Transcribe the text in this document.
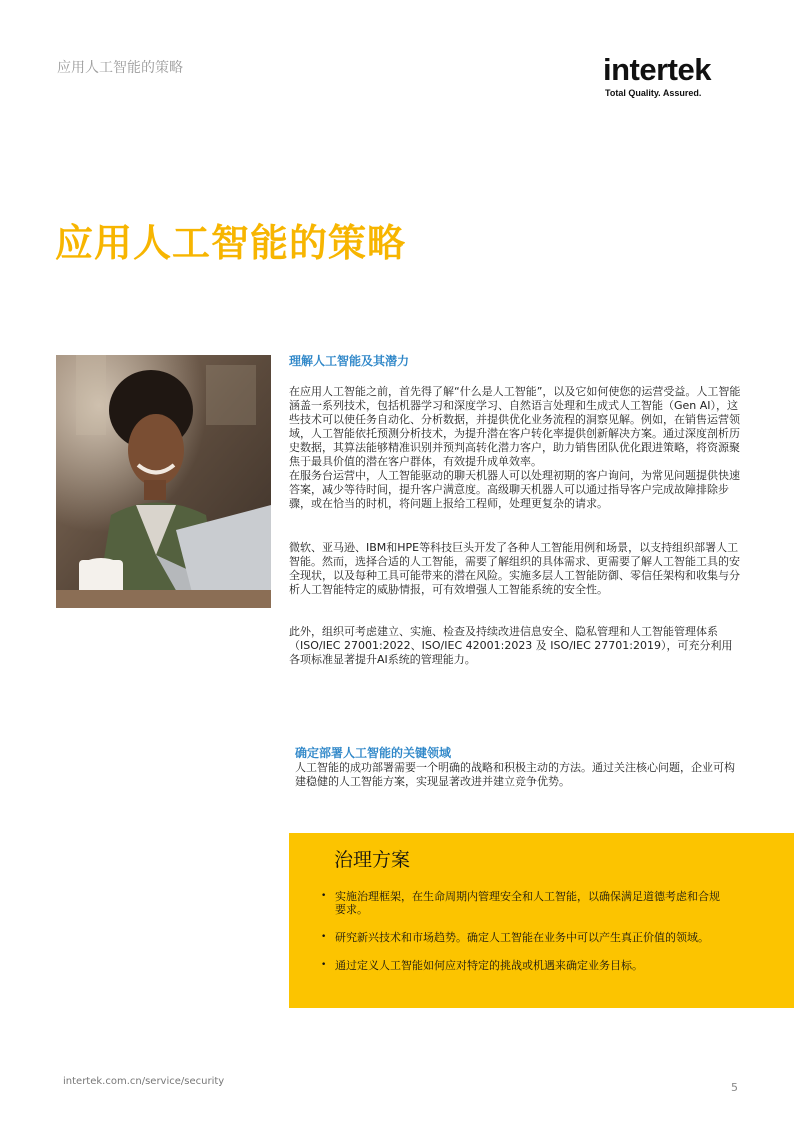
应用人工智能的策略	intertek
Total Quality. Assured.
应用人工智能的策略
理解人工智能及其潜力

在应用人工智能之前，首先得了解“什么是人工智能”，以及它如何使您的运营受益。人工智能涵盖一系列技术，包括机器学习和深度学习、自然语言处理和生成式人工智能（Gen AI），这些技术可以使任务自动化、分析数据，并提供优化业务流程的洞察见解。例如，在销售运营领域，人工智能依托预测分析技术，为提升潜在客户转化率提供创新解决方案。通过深度剖析历史数据，其算法能够精准识别并预判高转化潜力客户，助力销售团队优化跟进策略，将资源聚焦于最具价值的潜在客户群体，有效提升成单效率。

在服务台运营中，人工智能驱动的聊天机器人可以处理初期的客户询问，为常见问题提供快速答案，减少等待时间，提升客户满意度。高级聊天机器人可以通过指导客户完成故障排除步骤，或在恰当的时机，将问题上报给工程师，处理更复杂的请求。

微软、亚马逊、IBM和HPE等科技巨头开发了各种人工智能用例和场景，以支持组织部署人工智能。然而，选择合适的人工智能，需要了解组织的具体需求、更需要了解人工智能工具的安全现状，以及每种工具可能带来的潜在风险。实施多层人工智能防御、零信任架构和收集与分析人工智能特定的威胁情报，可有效增强人工智能系统的安全性。

此外，组织可考虑建立、实施、检查及持续改进信息安全、隐私管理和人工智能管理体系（ISO/IEC 27001:2022、ISO/IEC 42001:2023 及 ISO/IEC 27701:2019），可充分利用各项标准显著提升AI系统的管理能力。

确定部署人工智能的关键领域
人工智能的成功部署需要一个明确的战略和积极主动的方法。通过关注核心问题，企业可构建稳健的人工智能方案，实现显著改进并建立竞争优势。
治理方案
• 实施治理框架，在生命周期内管理安全和人工智能，以确保满足道德考虑和合规要求。
• 研究新兴技术和市场趋势。确定人工智能在业务中可以产生真正价值的领域。
• 通过定义人工智能如何应对特定的挑战或机遇来确定业务目标。
intertek.com.cn/service/security	5
